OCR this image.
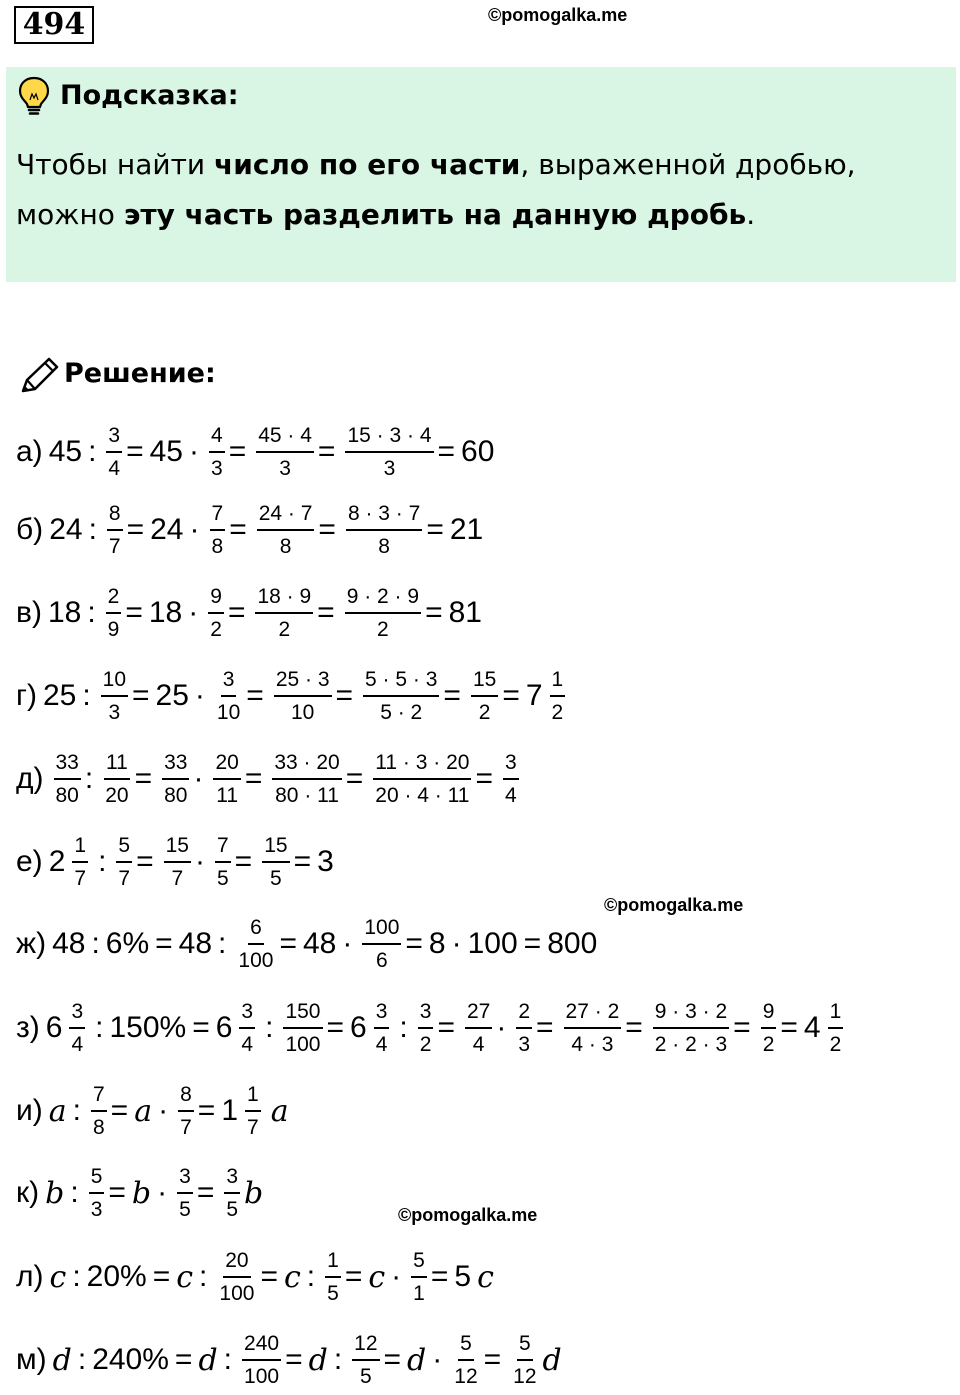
494	©pomogalka.me
Подсказка:
Чтобы найти число по его части, выраженной дробью,
можно эту часть разделить на данную дробь.
Решение:
а) 45 : $\frac{3}{4} = 45 \cdot \frac{4}{3} = \frac{45 \cdot 4}{3} = \frac{15 \cdot 3 \cdot 4}{3} = 60$
б) 24 : $\frac{8}{7} = 24 \cdot \frac{7}{8} = \frac{24 \cdot 7}{8} = \frac{8 \cdot 3 \cdot 7}{8} = 21$
в) 18 : $\frac{2}{9} = 18 \cdot \frac{9}{2} = \frac{18 \cdot 9}{2} = \frac{9 \cdot 2 \cdot 9}{2} = 81$
г) 25 : $\frac{10}{3} = 25 \cdot \frac{3}{10} = \frac{25 \cdot 3}{10} = \frac{5 \cdot 5 \cdot 3}{5 \cdot 2} = \frac{15}{2} = 7 \frac{1}{2}$
$д) \frac{33}{80}$ : $\frac{11}{20} = \frac{33}{80} \cdot \frac{20}{11} = \frac{33 \cdot 20}{80 \cdot 11} = \frac{11 \cdot 3 \cdot 20}{20 \cdot 4 \cdot 11} = \frac{3}{4}$
е) $2 \frac{1}{7}$ : $\frac{5}{7} = \frac{15}{7} \cdot \frac{7}{5} = \frac{15}{5} = 3$
ж) 48 : 6% = 48 : $\frac{6}{100} = 48 \cdot \frac{100}{6} = 8 \cdot 100 = 800$
з) $6 \frac{3}{4}$ : $150\% = 6 \frac{3}{4}$ : $\frac{150}{100} = 6 \frac{3}{4}$ : $\frac{3}{2} = \frac{27}{4} \cdot \frac{2}{3} = \frac{27 \cdot 2}{4 \cdot 3} = \frac{9 \cdot 3 \cdot 2}{2 \cdot 2 \cdot 3} = \frac{9}{2} = 4 \frac{1}{2}$
и) a : $\frac{7}{8} = a \cdot \frac{8}{7} = 1 \frac{1}{7}$ a
к) b : $\frac{5}{3} = b \cdot \frac{3}{5} = \frac{3}{5}$ b
л) c : 20% = c : $\frac{20}{100} = c$ : $\frac{1}{5} = c \cdot \frac{5}{1} = 5$ c
м) d : 240% = d : $\frac{240}{100} = d$ : $\frac{12}{5} = d \cdot \frac{5}{12} = \frac{5}{12}$ d
©pomogalka.me
©pomogalka.me
